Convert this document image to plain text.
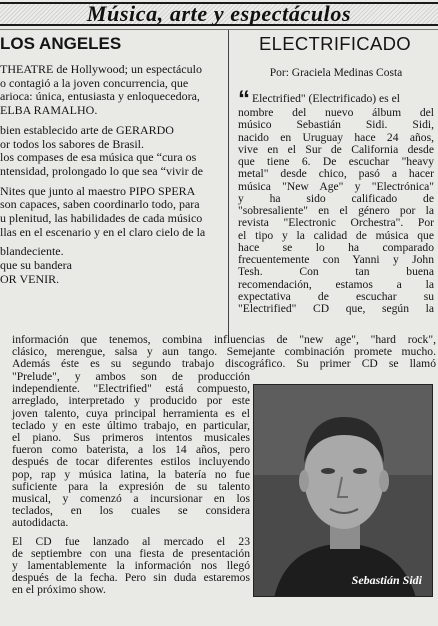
Música, arte y espectáculos
LOS ANGELES
THEATRE de Hollywood; un espectáculo
o contagió a la joven concurrencia, que
arioca: única, entusiasta y enloquecedora,
ELBA RAMALHO.
bien establecido arte de GERARDO
or todos los sabores de Brasil.
los compases de esa música que “cura os
ntensidad, prolongado lo que sea “vivir de
Nites que junto al maestro PIPO SPERA
son capaces, saben coordinarlo todo, para
u plenitud, las habilidades de cada músico
llas en el escenario y en el claro cielo de la
blandeciente.
que su bandera
OR VENIR.
ELECTRIFICADO
Por: Graciela Medinas Costa
“ Electrified" (Electrificado) es el

nombre del nuevo álbum del
músico Sebastián Sidi. Sidi,
nacido en Uruguay hace 24 años,
vive en el Sur de California desde
que tiene 6. De escuchar "heavy
metal" desde chico, pasó a hacer
música "New Age" y "Electrónica"
y ha sido calificado de
"sobresaliente" en el género por la
revista "Electronic Orchestra". Por
el tipo y la calidad de música que
hace se lo ha comparado
frecuentemente con Yanni y John
Tesh. Con tan buena
recomendación, estamos a la
expectativa de escuchar su
"Electrified" CD que, según la
información que tenemos, combina influencias de "new age", "hard rock",
clásico, merengue, salsa y aun tango. Semejante combinación promete mucho.
Además éste es su segundo trabajo discográfico. Su primer CD se llamó
"Prelude", y ambos son de producción
independiente. "Electrified" está compuesto,
arreglado, interpretado y producido por este
joven talento, cuya principal herramienta es el
teclado y en este último trabajo, en particular,
el piano. Sus primeros intentos musicales
fueron como baterista, a los 14 años, pero
después de tocar diferentes estilos incluyendo
pop, rap y música latina, la batería no fue
suficiente para la expresión de su talento
musical, y comenzó a incursionar en los
teclados, en los cuales se considera
autodidacta.
El CD fue lanzado al mercado el 23
de septiembre con una fiesta de presentación
y lamentablemente la información nos llegó
después de la fecha. Pero sin duda estaremos
en el próximo show.
Sebastián Sidi
